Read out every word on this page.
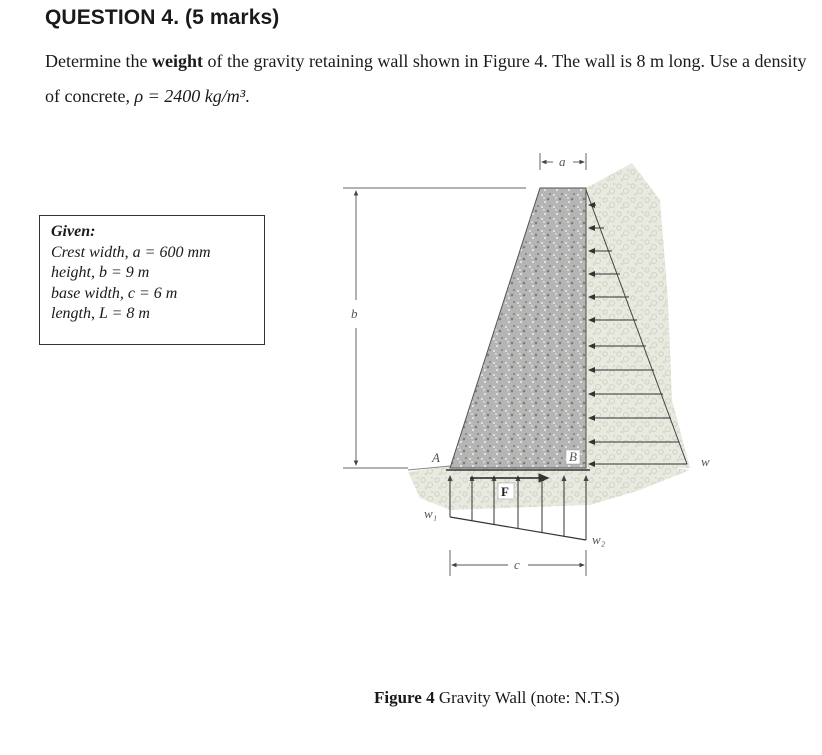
QUESTION 4. (5 marks)
Determine the weight of the gravity retaining wall shown in Figure 4. The wall is 8 m long. Use a density of concrete, ρ = 2400 kg/m³.
Given:
Crest width, a = 600 mm
height, b = 9 m
base width, c = 6 m
length, L = 8 m
F
A	B
a
b
c
w
w₁
w₂
Figure 4 Gravity Wall (note: N.T.S)
